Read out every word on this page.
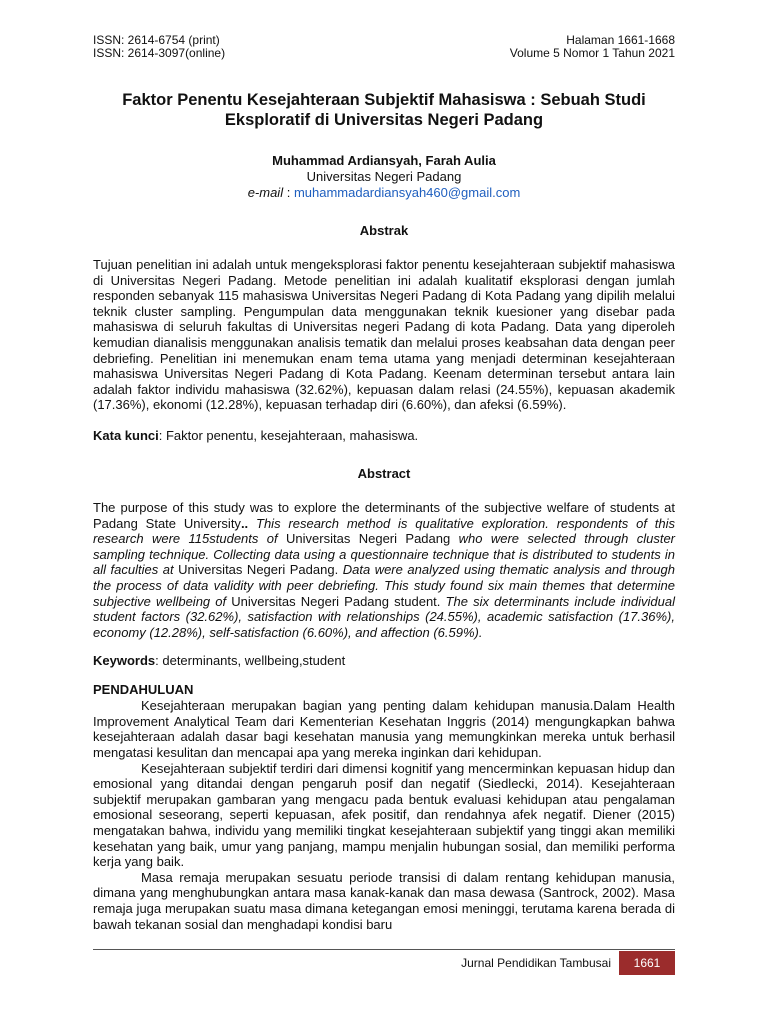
ISSN: 2614-6754 (print)
ISSN: 2614-3097(online)
Halaman 1661-1668
Volume 5 Nomor 1 Tahun 2021
Faktor Penentu Kesejahteraan Subjektif Mahasiswa : Sebuah Studi Eksploratif di Universitas Negeri Padang
Muhammad Ardiansyah, Farah Aulia
Universitas Negeri Padang
e-mail : muhammadardiansyah460@gmail.com
Abstrak
Tujuan penelitian ini adalah untuk mengeksplorasi faktor penentu kesejahteraan subjektif mahasiswa di Universitas Negeri Padang. Metode penelitian ini adalah kualitatif eksplorasi dengan jumlah responden sebanyak 115 mahasiswa Universitas Negeri Padang di Kota Padang yang dipilih melalui teknik cluster sampling. Pengumpulan data menggunakan teknik kuesioner yang disebar pada mahasiswa di seluruh fakultas di Universitas negeri Padang di kota Padang. Data yang diperoleh kemudian dianalisis menggunakan analisis tematik dan melalui proses keabsahan data dengan peer debriefing. Penelitian ini menemukan enam tema utama yang menjadi determinan kesejahteraan mahasiswa Universitas Negeri Padang di Kota Padang. Keenam determinan tersebut antara lain adalah faktor individu mahasiswa (32.62%), kepuasan dalam relasi (24.55%), kepuasan akademik (17.36%), ekonomi (12.28%), kepuasan terhadap diri (6.60%), dan afeksi (6.59%).
Kata kunci: Faktor penentu, kesejahteraan, mahasiswa.
Abstract
The purpose of this study was to explore the determinants of the subjective welfare of students at Padang State University.. This research method is qualitative exploration. respondents of this research were 115students of Universitas Negeri Padang who were selected through cluster sampling technique. Collecting data using a questionnaire technique that is distributed to students in all faculties at Universitas Negeri Padang. Data were analyzed using thematic analysis and through the process of data validity with peer debriefing. This study found six main themes that determine subjective wellbeing of Universitas Negeri Padang student. The six determinants include individual student factors (32.62%), satisfaction with relationships (24.55%), academic satisfaction (17.36%), economy (12.28%), self-satisfaction (6.60%), and affection (6.59%).
Keywords: determinants, wellbeing,student
PENDAHULUAN

Kesejahteraan merupakan bagian yang penting dalam kehidupan manusia.Dalam Health Improvement Analytical Team dari Kementerian Kesehatan Inggris (2014) mengungkapkan bahwa kesejahteraan adalah dasar bagi kesehatan manusia yang memungkinkan mereka untuk berhasil mengatasi kesulitan dan mencapai apa yang mereka inginkan dari kehidupan.

Kesejahteraan subjektif terdiri dari dimensi kognitif yang mencerminkan kepuasan hidup dan emosional yang ditandai dengan pengaruh posif dan negatif (Siedlecki, 2014). Kesejahteraan subjektif merupakan gambaran yang mengacu pada bentuk evaluasi kehidupan atau pengalaman emosional seseorang, seperti kepuasan, afek positif, dan rendahnya afek negatif. Diener (2015) mengatakan bahwa, individu yang memiliki tingkat kesejahteraan subjektif yang tinggi akan memiliki kesehatan yang baik, umur yang panjang, mampu menjalin hubungan sosial, dan memiliki performa kerja yang baik.

Masa remaja merupakan sesuatu periode transisi di dalam rentang kehidupan manusia, dimana yang menghubungkan antara masa kanak-kanak dan masa dewasa (Santrock, 2002). Masa remaja juga merupakan suatu masa dimana ketegangan emosi meninggi, terutama karena berada di bawah tekanan sosial dan menghadapi kondisi baru

Jurnal Pendidikan Tambusai	1661
